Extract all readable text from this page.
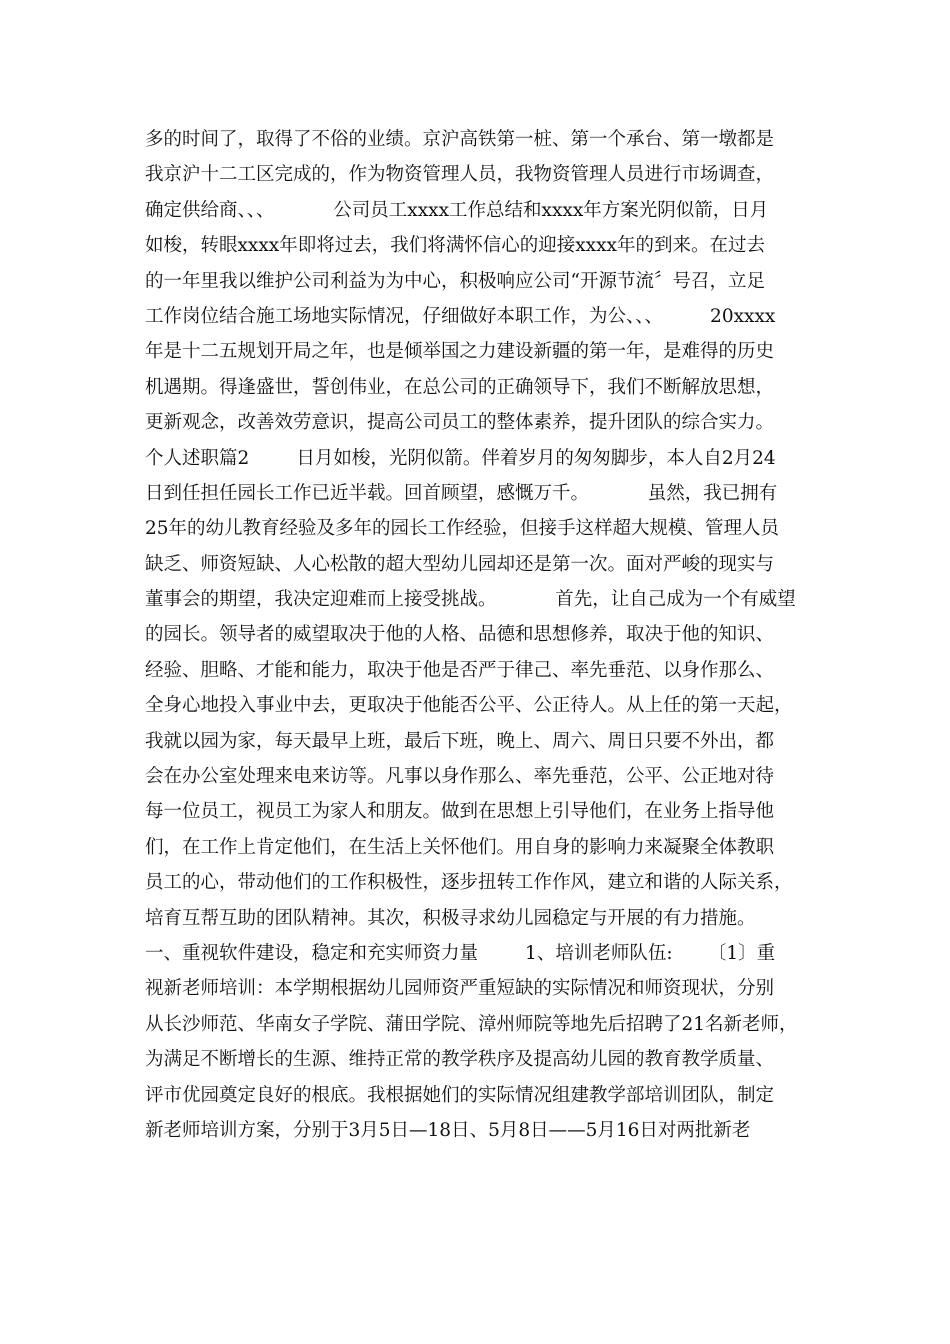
多的时间了，取得了不俗的业绩。京沪高铁第一桩、第一个承台、第一墩都是
我京沪十二工区完成的，作为物资管理人员，我物资管理人员进行市场调查，
确定供给商、、、          公司员工xxxx工作总结和xxxx年方案光阴似箭，日月
如梭，转眼xxxx年即将过去，我们将满怀信心的迎接xxxx年的到来。在过去
的一年里我以维护公司利益为为中心，积极响应公司“开源节流〞号召，立足
工作岗位结合施工场地实际情况，仔细做好本职工作，为公、、、        20xxxx
年是十二五规划开局之年，也是倾举国之力建设新疆的第一年，是难得的历史
机遇期。得逢盛世，誓创伟业，在总公司的正确领导下，我们不断解放思想，
更新观念，改善效劳意识，提高公司员工的整体素养，提升团队的综合实力。
个人述职篇2        日月如梭，光阴似箭。伴着岁月的匆匆脚步，本人自2月24
日到任担任园长工作已近半载。回首顾望，感慨万千。          虽然，我已拥有
25年的幼儿教育经验及多年的园长工作经验，但接手这样超大规模、管理人员
缺乏、师资短缺、人心松散的超大型幼儿园却还是第一次。面对严峻的现实与
董事会的期望，我决定迎难而上接受挑战。          首先，让自己成为一个有威望
的园长。领导者的威望取决于他的人格、品德和思想修养，取决于他的知识、
经验、胆略、才能和能力，取决于他是否严于律己、率先垂范、以身作那么、
全身心地投入事业中去，更取决于他能否公平、公正待人。从上任的第一天起，
我就以园为家，每天最早上班，最后下班，晚上、周六、周日只要不外出，都
会在办公室处理来电来访等。凡事以身作那么、率先垂范，公平、公正地对待
每一位员工，视员工为家人和朋友。做到在思想上引导他们，在业务上指导他
们，在工作上肯定他们，在生活上关怀他们。用自身的影响力来凝聚全体教职
员工的心，带动他们的工作积极性，逐步扭转工作作风，建立和谐的人际关系，
培育互帮互助的团队精神。其次，积极寻求幼儿园稳定与开展的有力措施。
一、重视软件建设，稳定和充实师资力量        1、培训老师队伍:      〔1〕重
视新老师培训：本学期根据幼儿园师资严重短缺的实际情况和师资现状，分别
从长沙师范、华南女子学院、蒲田学院、漳州师院等地先后招聘了21名新老师，
为满足不断增长的生源、维持正常的教学秩序及提高幼儿园的教育教学质量、
评市优园奠定良好的根底。我根据她们的实际情况组建教学部培训团队，制定
新老师培训方案，分别于3月5日—18日、5月8日——5月16日对两批新老
